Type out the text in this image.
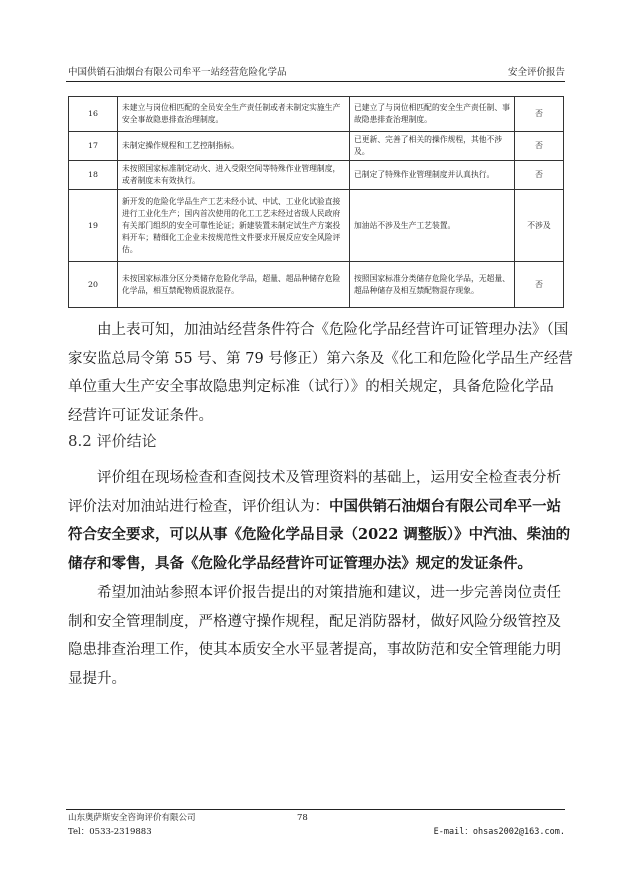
中国供销石油烟台有限公司牟平一站经营危险化学品	安全评价报告
16	未建立与岗位相匹配的全员安全生产责任制或者未制定实施生产安全事故隐患排查治理制度。	已建立了与岗位相匹配的安全生产责任制、事故隐患排查治理制度。	否
17	未制定操作规程和工艺控制指标。	已更新、完善了相关的操作规程，其他不涉及。	否
18	未按照国家标准制定动火、进入受限空间等特殊作业管理制度，或者制度未有效执行。	已制定了特殊作业管理制度并认真执行。	否
19	新开发的危险化学品生产工艺未经小试、中试、工业化试验直接进行工业化生产；国内首次使用的化工工艺未经过省级人民政府有关部门组织的安全可靠性论证；新建装置未制定试生产方案投料开车；精细化工企业未按规范性文件要求开展反应安全风险评估。	加油站不涉及生产工艺装置。	不涉及
20	未按国家标准分区分类储存危险化学品，超量、超品种储存危险化学品，相互禁配物质混放混存。	按照国家标准分类储存危险化学品，无超量、超品种储存及相互禁配物混存现象。	否
由上表可知，加油站经营条件符合《危险化学品经营许可证管理办法》（国
家安监总局令第 55 号、第 79 号修正）第六条及《化工和危险化学品生产经营
单位重大生产安全事故隐患判定标准（试行）》的相关规定，具备危险化学品
经营许可证发证条件。
8.2 评价结论
评价组在现场检查和查阅技术及管理资料的基础上，运用安全检查表分析
评价法对加油站进行检查，评价组认为：中国供销石油烟台有限公司牟平一站
符合安全要求，可以从事《危险化学品目录（2022 调整版）》中汽油、柴油的
储存和零售，具备《危险化学品经营许可证管理办法》规定的发证条件。
希望加油站参照本评价报告提出的对策措施和建议，进一步完善岗位责任
制和安全管理制度，严格遵守操作规程，配足消防器材，做好风险分级管控及
隐患排查治理工作，使其本质安全水平显著提高，事故防范和安全管理能力明
显提升。
山东奥萨斯安全咨询评价有限公司	78
Tel：0533-2319883	E-mail：ohsas2002@163.com.
